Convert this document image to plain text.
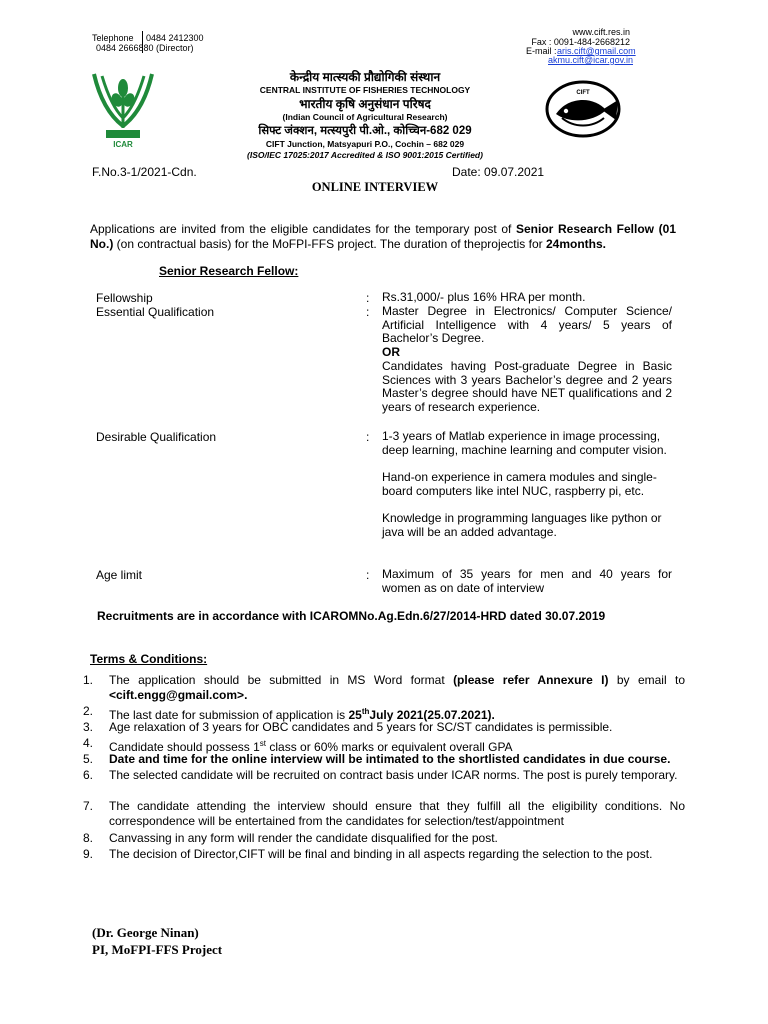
Telephone 0484 2412300
0484 2666880 (Director)
www.cift.res.in
Fax : 0091-484-2668212
E-mail : aris.cift@gmail.com
akmu.cift@icar.gov.in
ICAR
CIFT
केन्द्रीय मात्स्यकी प्रौद्योगिकी संस्थान
CENTRAL INSTITUTE OF FISHERIES TECHNOLOGY
भारतीय कृषि अनुसंधान परिषद
(Indian Council of Agricultural Research)
सिफ्ट जंक्शन, मत्स्यपुरी पी.ओ., कोच्चिन-682 029
CIFT Junction, Matsyapuri P.O., Cochin – 682 029
(ISO/IEC 17025:2017 Accredited & ISO 9001:2015 Certified)
F.No.3-1/2021-Cdn.	Date: 09.07.2021
ONLINE INTERVIEW
Applications are invited from the eligible candidates for the temporary post of Senior Research Fellow (01 No.) (on contractual basis) for the MoFPI-FFS project. The duration of theprojectis for 24months.
Senior Research Fellow:
Fellowship	: Rs.31,000/- plus 16% HRA per month.
Essential Qualification	: Master Degree in Electronics/ Computer Science/ Artificial Intelligence with 4 years/ 5 years of Bachelor’s Degree.

OR

Candidates having Post-graduate Degree in Basic Sciences with 3 years Bachelor’s degree and 2 years Master’s degree should have NET qualifications and 2 years of research experience.

Desirable Qualification	: 1-3 years of Matlab experience in image processing, deep learning, machine learning and computer vision.

Hand-on experience in camera modules and single-board computers like intel NUC, raspberry pi, etc.

Knowledge in programming languages like python or java will be an added advantage.

Age limit	: Maximum of 35 years for men and 40 years for women as on date of interview
Recruitments are in accordance with ICAROMNo.Ag.Edn.6/27/2014-HRD dated 30.07.2019
Terms & Conditions:
1. The application should be submitted in MS Word format (please refer Annexure I) by email to <cift.engg@gmail.com>.
2. The last date for submission of application is 25thJuly 2021(25.07.2021).
3. Age relaxation of 3 years for OBC candidates and 5 years for SC/ST candidates is permissible.
4. Candidate should possess 1st class or 60% marks or equivalent overall GPA
5. Date and time for the online interview will be intimated to the shortlisted candidates in due course.
6. The selected candidate will be recruited on contract basis under ICAR norms. The post is purely temporary.
7. The candidate attending the interview should ensure that they fulfill all the eligibility conditions. No correspondence will be entertained from the candidates for selection/test/appointment
8. Canvassing in any form will render the candidate disqualified for the post.
9. The decision of Director,CIFT will be final and binding in all aspects regarding the selection to the post.
(Dr. George Ninan)
PI, MoFPI-FFS Project
